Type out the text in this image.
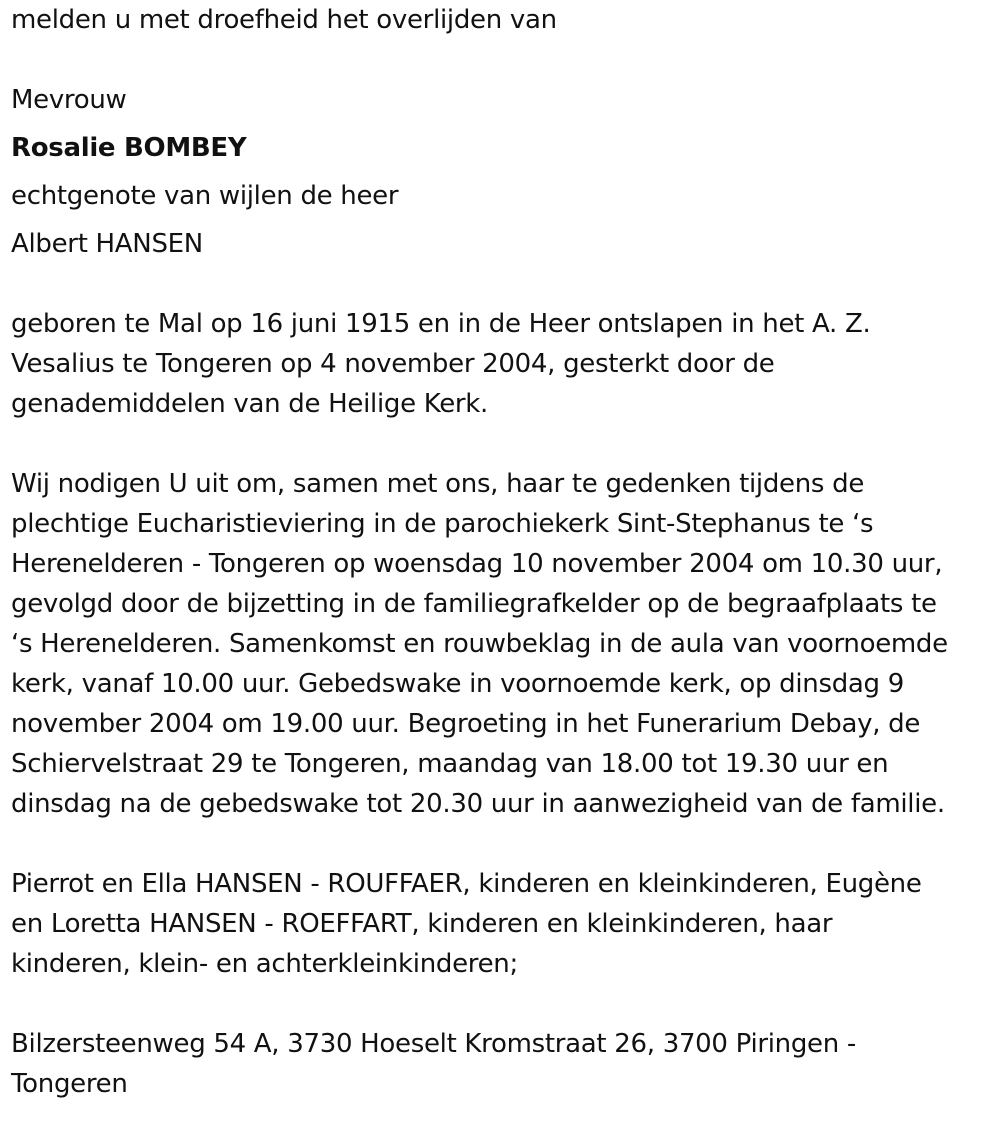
melden u met droefheid het overlijden van

Mevrouw

Rosalie BOMBEY

echtgenote van wijlen de heer

Albert HANSEN

geboren te Mal op 16 juni 1915 en in de Heer ontslapen in het A. Z.

Vesalius te Tongeren op 4 november 2004, gesterkt door de

genademiddelen van de Heilige Kerk.

Wij nodigen U uit om, samen met ons, haar te gedenken tijdens de

plechtige Eucharistieviering in de parochiekerk Sint-Stephanus te ‘s

Herenelderen - Tongeren op woensdag 10 november 2004 om 10.30 uur,

gevolgd door de bijzetting in de familiegrafkelder op de begraafplaats te

‘s Herenelderen. Samenkomst en rouwbeklag in de aula van voornoemde

kerk, vanaf 10.00 uur. Gebedswake in voornoemde kerk, op dinsdag 9

november 2004 om 19.00 uur. Begroeting in het Funerarium Debay, de

Schiervelstraat 29 te Tongeren, maandag van 18.00 tot 19.30 uur en

dinsdag na de gebedswake tot 20.30 uur in aanwezigheid van de familie.

Pierrot en Ella HANSEN - ROUFFAER, kinderen en kleinkinderen, Eugène

en Loretta HANSEN - ROEFFART, kinderen en kleinkinderen, haar

kinderen, klein- en achterkleinkinderen;

Bilzersteenweg 54 A, 3730 Hoeselt Kromstraat 26, 3700 Piringen -

Tongeren
